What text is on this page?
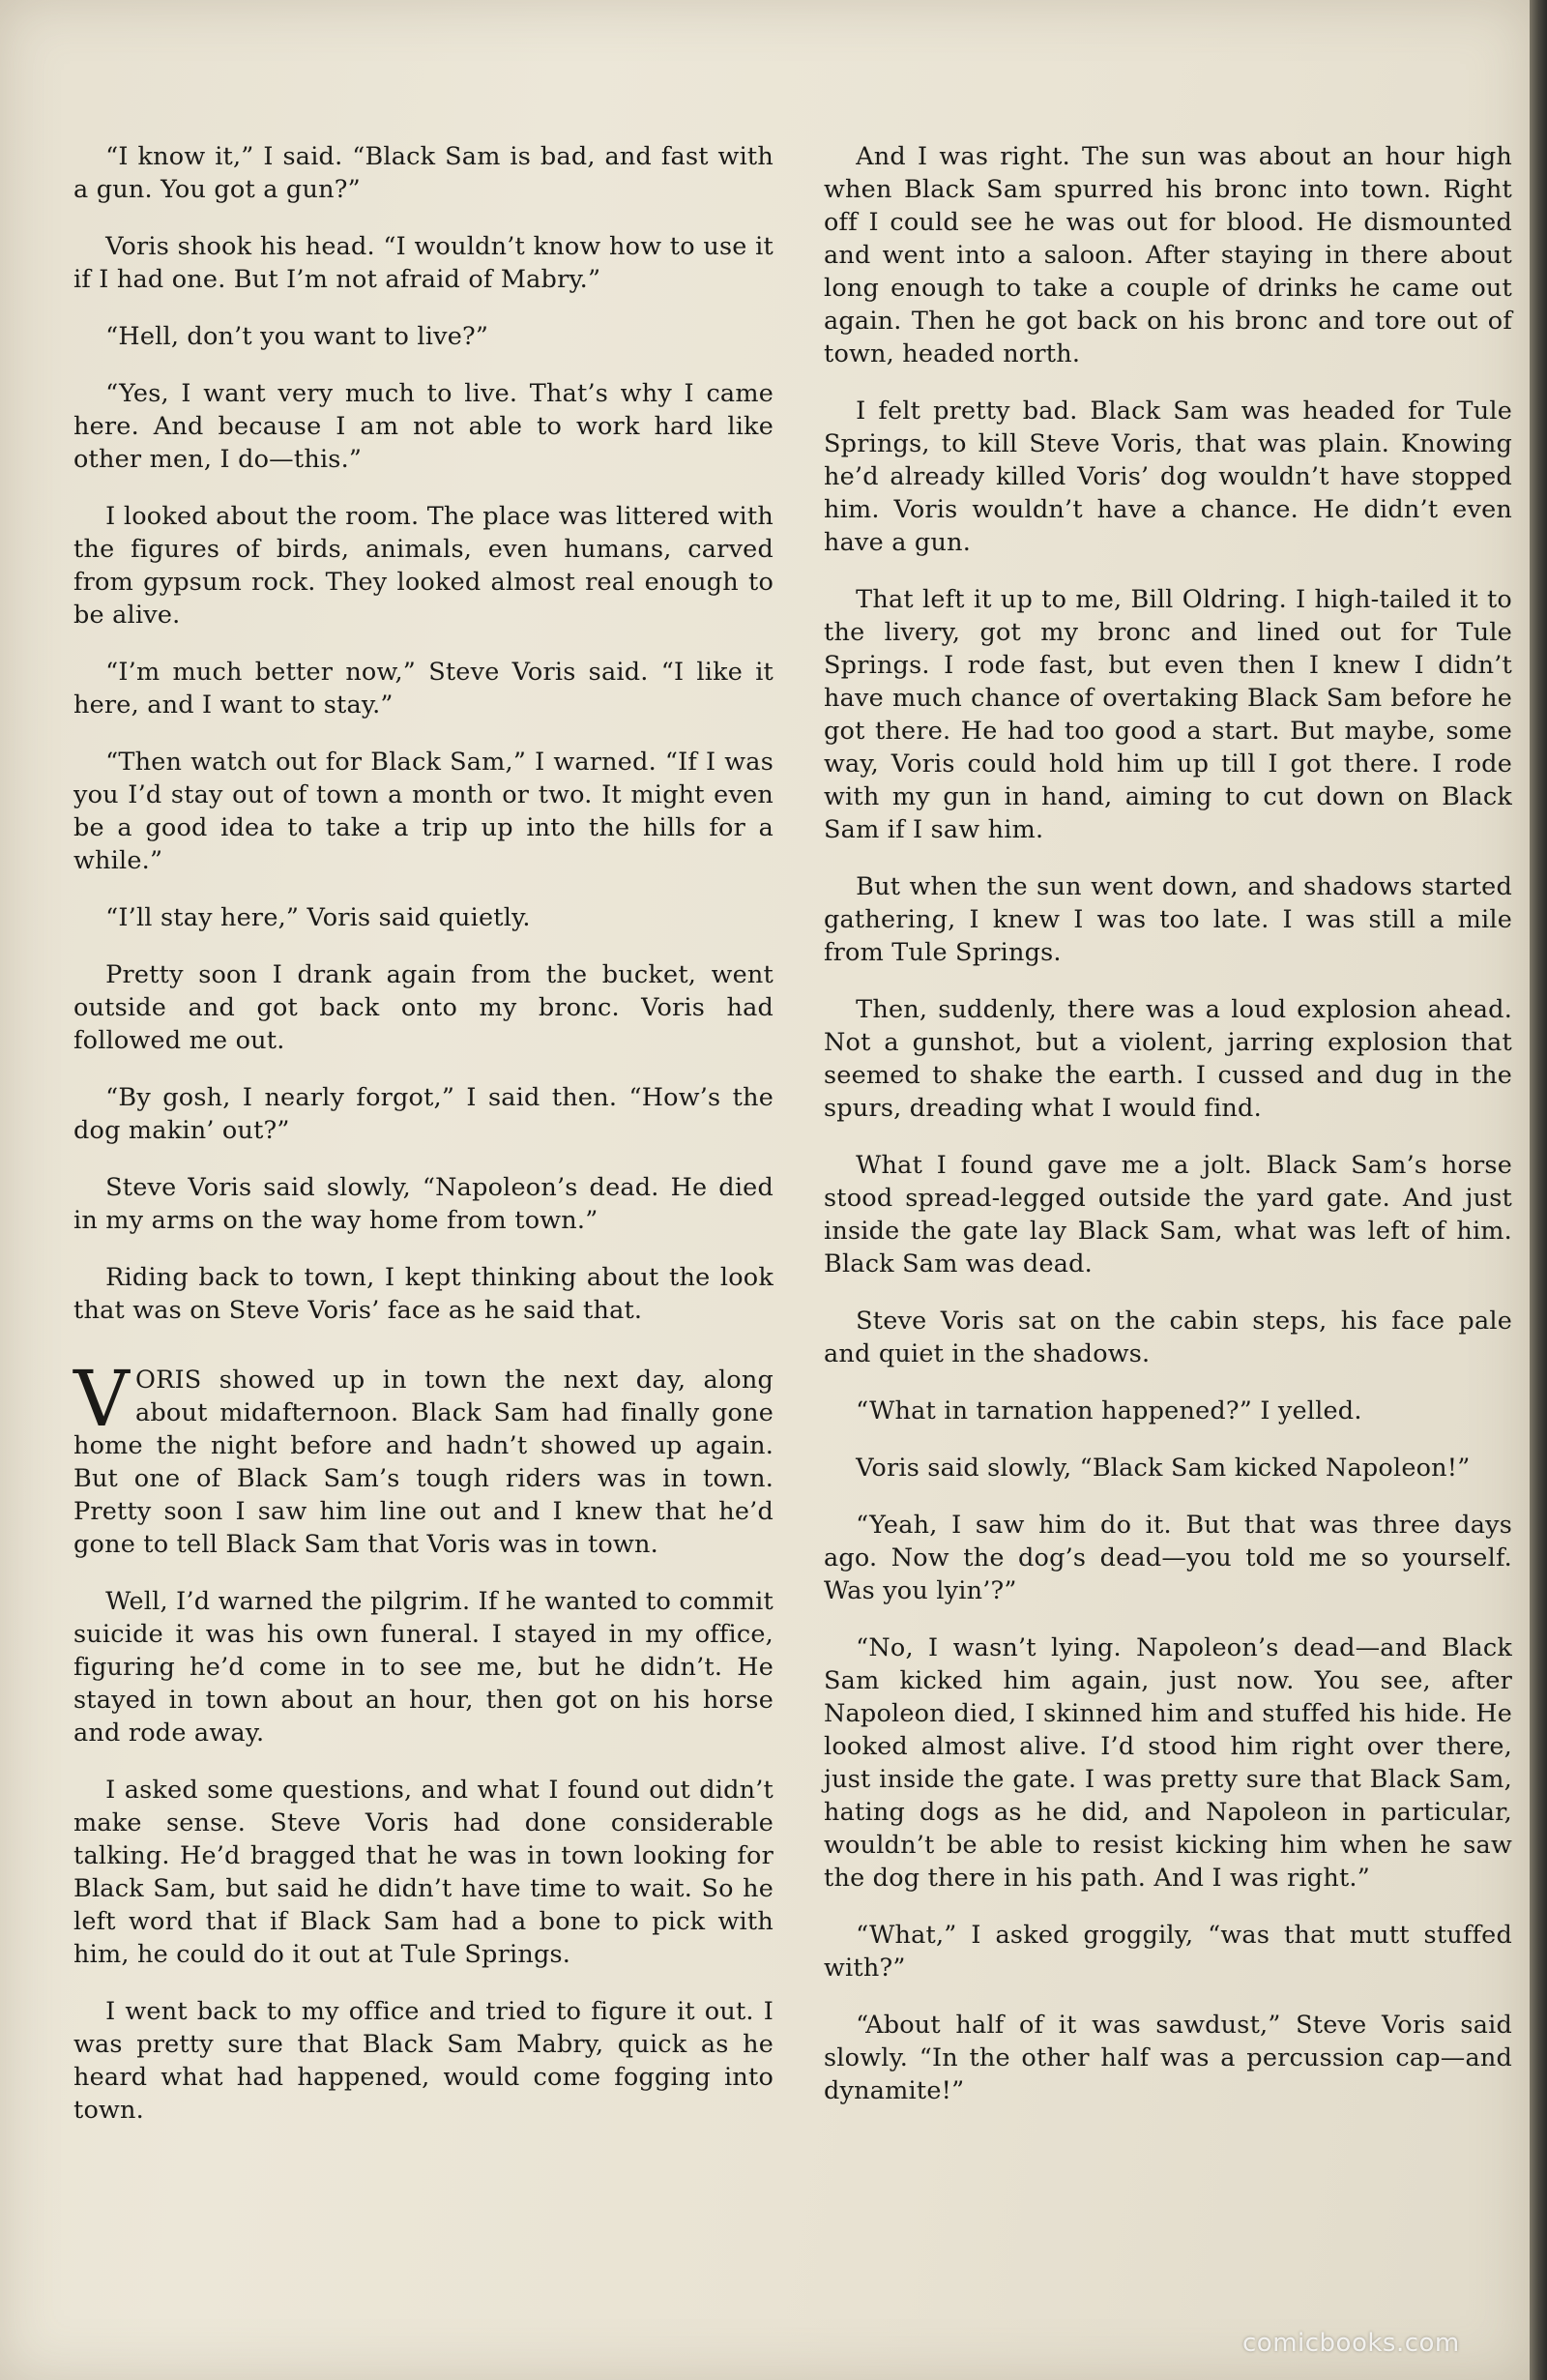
“I know it,” I said. “Black Sam is bad, and fast with a gun. You got a gun?”

Voris shook his head. “I wouldn’t know how to use it if I had one. But I’m not afraid of Mabry.”

“Hell, don’t you want to live?”

“Yes, I want very much to live. That’s why I came here. And because I am not able to work hard like other men, I do—this.”

I looked about the room. The place was littered with the figures of birds, animals, even humans, carved from gypsum rock. They looked almost real enough to be alive.

“I’m much better now,” Steve Voris said. “I like it here, and I want to stay.”

“Then watch out for Black Sam,” I warned. “If I was you I’d stay out of town a month or two. It might even be a good idea to take a trip up into the hills for a while.”

“I’ll stay here,” Voris said quietly.

Pretty soon I drank again from the bucket, went outside and got back onto my bronc. Voris had followed me out.

“By gosh, I nearly forgot,” I said then. “How’s the dog makin’ out?”

Steve Voris said slowly, “Napoleon’s dead. He died in my arms on the way home from town.”

Riding back to town, I kept thinking about the look that was on Steve Voris’ face as he said that.

VORIS showed up in town the next day, along about midafternoon. Black Sam had finally gone home the night before and hadn’t showed up again. But one of Black Sam’s tough riders was in town. Pretty soon I saw him line out and I knew that he’d gone to tell Black Sam that Voris was in town.

Well, I’d warned the pilgrim. If he wanted to commit suicide it was his own funeral. I stayed in my office, figuring he’d come in to see me, but he didn’t. He stayed in town about an hour, then got on his horse and rode away.

I asked some questions, and what I found out didn’t make sense. Steve Voris had done considerable talking. He’d bragged that he was in town looking for Black Sam, but said he didn’t have time to wait. So he left word that if Black Sam had a bone to pick with him, he could do it out at Tule Springs.

I went back to my office and tried to figure it out. I was pretty sure that Black Sam Mabry, quick as he heard what had happened, would come fogging into town.

And I was right. The sun was about an hour high when Black Sam spurred his bronc into town. Right off I could see he was out for blood. He dismounted and went into a saloon. After staying in there about long enough to take a couple of drinks he came out again. Then he got back on his bronc and tore out of town, headed north.

I felt pretty bad. Black Sam was headed for Tule Springs, to kill Steve Voris, that was plain. Knowing he’d already killed Voris’ dog wouldn’t have stopped him. Voris wouldn’t have a chance. He didn’t even have a gun.

That left it up to me, Bill Oldring. I high-tailed it to the livery, got my bronc and lined out for Tule Springs. I rode fast, but even then I knew I didn’t have much chance of overtaking Black Sam before he got there. He had too good a start. But maybe, some way, Voris could hold him up till I got there. I rode with my gun in hand, aiming to cut down on Black Sam if I saw him.

But when the sun went down, and shadows started gathering, I knew I was too late. I was still a mile from Tule Springs.

Then, suddenly, there was a loud explosion ahead. Not a gunshot, but a violent, jarring explosion that seemed to shake the earth. I cussed and dug in the spurs, dreading what I would find.

What I found gave me a jolt. Black Sam’s horse stood spread-legged outside the yard gate. And just inside the gate lay Black Sam, what was left of him. Black Sam was dead.

Steve Voris sat on the cabin steps, his face pale and quiet in the shadows.

“What in tarnation happened?” I yelled.

Voris said slowly, “Black Sam kicked Napoleon!”

“Yeah, I saw him do it. But that was three days ago. Now the dog’s dead—you told me so yourself. Was you lyin’?”

“No, I wasn’t lying. Napoleon’s dead—and Black Sam kicked him again, just now. You see, after Napoleon died, I skinned him and stuffed his hide. He looked almost alive. I’d stood him right over there, just inside the gate. I was pretty sure that Black Sam, hating dogs as he did, and Napoleon in particular, wouldn’t be able to resist kicking him when he saw the dog there in his path. And I was right.”

“What,” I asked groggily, “was that mutt stuffed with?”

“About half of it was sawdust,” Steve Voris said slowly. “In the other half was a percussion cap—and dynamite!”

comicbooks.com
